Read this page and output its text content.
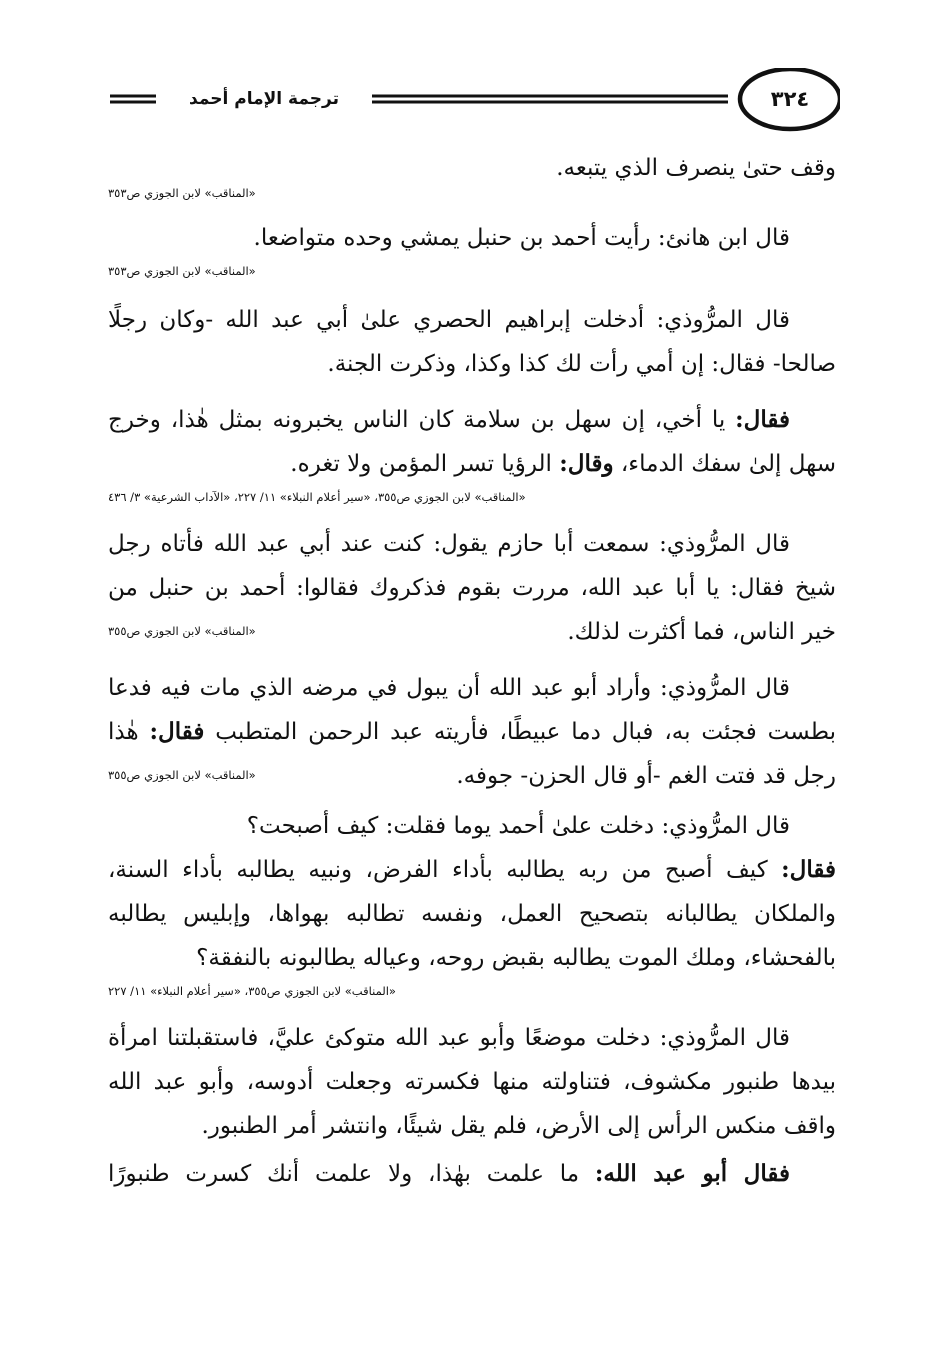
٣٢٤
ترجمة الإمام أحمد

وقف حتىٰ ينصرف الذي يتبعه.

«المناقب» لابن الجوزي ص٣٥٣

قال ابن هانئ: رأيت أحمد بن حنبل يمشي وحده متواضعا.

«المناقب» لابن الجوزي ص٣٥٣

قال المرُّوذي: أدخلت إبراهيم الحصري علىٰ أبي عبد الله -وكان رجلًا

صالحا- فقال: إن أمي رأت لك كذا وكذا، وذكرت الجنة.

فقال: يا أخي، إن سهل بن سلامة كان الناس يخبرونه بمثل هٰذا، وخرج

سهل إلىٰ سفك الدماء، وقال: الرؤيا تسر المؤمن ولا تغره.

«المناقب» لابن الجوزي ص٣٥٥، «سير أعلام النبلاء» ١١/ ٢٢٧، «الآداب الشرعية» ٣/ ٤٣٦

قال المرُّوذي: سمعت أبا حازم يقول: كنت عند أبي عبد الله فأتاه رجل

شيخ فقال: يا أبا عبد الله، مررت بقوم فذكروك فقالوا: أحمد بن حنبل من

خير الناس، فما أكثرت لذلك.

«المناقب» لابن الجوزي ص٣٥٥

قال المرُّوذي: وأراد أبو عبد الله أن يبول في مرضه الذي مات فيه فدعا

بطست فجئت به، فبال دما عبيطًا، فأريته عبد الرحمن المتطبب فقال: هٰذا

رجل قد فتت الغم -أو قال الحزن- جوفه.

«المناقب» لابن الجوزي ص٣٥٥

قال المرُّوذي: دخلت علىٰ أحمد يوما فقلت: كيف أصبحت؟

فقال: كيف أصبح من ربه يطالبه بأداء الفرض، ونبيه يطالبه بأداء السنة،

والملكان يطالبانه بتصحيح العمل، ونفسه تطالبه بهواها، وإبليس يطالبه

بالفحشاء، وملك الموت يطالبه بقبض روحه، وعياله يطالبونه بالنفقة؟

«المناقب» لابن الجوزي ص٣٥٥، «سير أعلام النبلاء» ١١/ ٢٢٧

قال المرُّوذي: دخلت موضعًا وأبو عبد الله متوكئ عليَّ، فاستقبلتنا امرأة

بيدها طنبور مكشوف، فتناولته منها فكسرته وجعلت أدوسه، وأبو عبد الله

واقف منكس الرأس إلى الأرض، فلم يقل شيئًا، وانتشر أمر الطنبور.

فقال أبو عبد الله: ما علمت بهٰذا، ولا علمت أنك كسرت طنبورًا
